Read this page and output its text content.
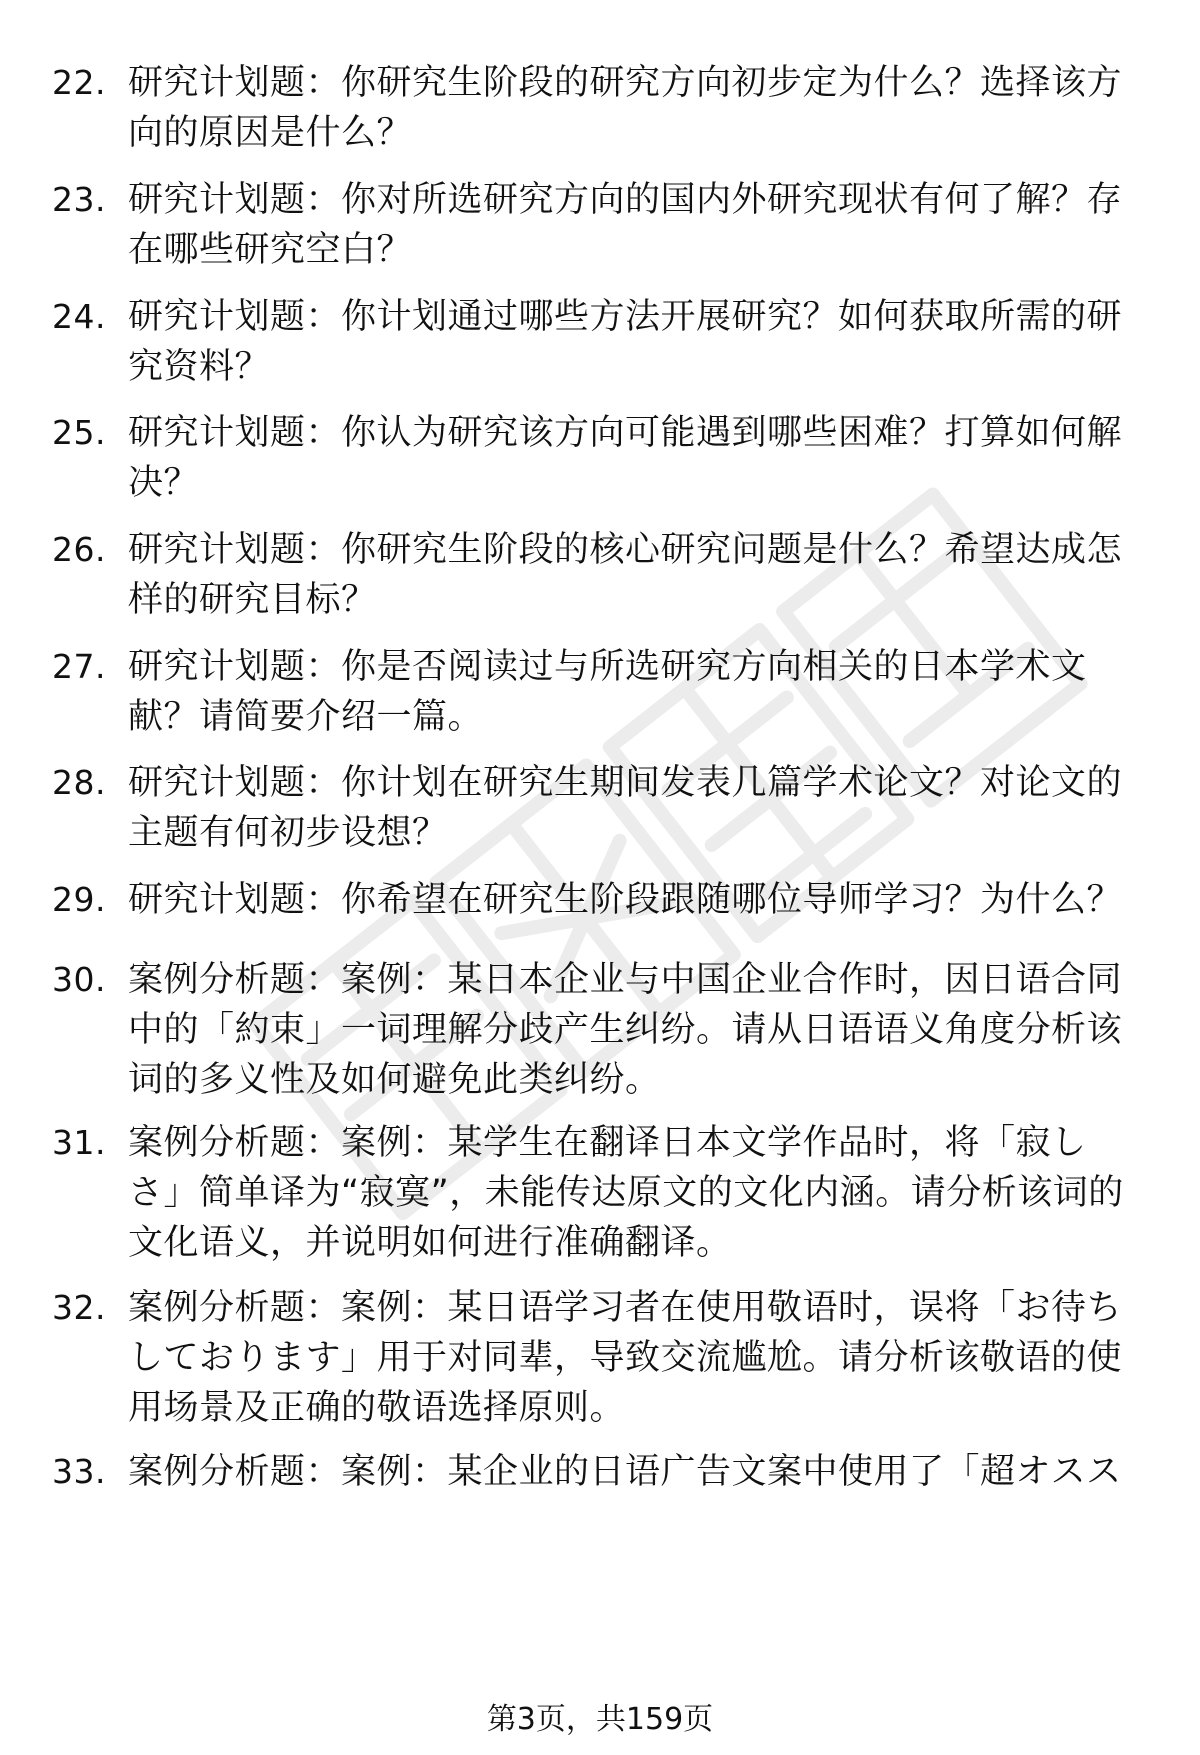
22. 研究计划题：你研究生阶段的研究方向初步定为什么？选择该方向的原因是什么？
23. 研究计划题：你对所选研究方向的国内外研究现状有何了解？存在哪些研究空白？
24. 研究计划题：你计划通过哪些方法开展研究？如何获取所需的研究资料？
25. 研究计划题：你认为研究该方向可能遇到哪些困难？打算如何解决？
26. 研究计划题：你研究生阶段的核心研究问题是什么？希望达成怎样的研究目标？
27. 研究计划题：你是否阅读过与所选研究方向相关的日本学术文献？请简要介绍一篇。
28. 研究计划题：你计划在研究生期间发表几篇学术论文？对论文的主题有何初步设想？
29. 研究计划题：你希望在研究生阶段跟随哪位导师学习？为什么？
30. 案例分析题：案例：某日本企业与中国企业合作时，因日语合同中的「約束」一词理解分歧产生纠纷。请从日语语义角度分析该词的多义性及如何避免此类纠纷。
31. 案例分析题：案例：某学生在翻译日本文学作品时，将「寂しさ」简单译为“寂寞”，未能传达原文的文化内涵。请分析该词的文化语义，并说明如何进行准确翻译。
32. 案例分析题：案例：某日语学习者在使用敬语时，误将「お待ちしております」用于对同辈，导致交流尴尬。请分析该敬语的使用场景及正确的敬语选择原则。
33. 案例分析题：案例：某企业的日语广告文案中使用了「超オスス
第3页，共159页
